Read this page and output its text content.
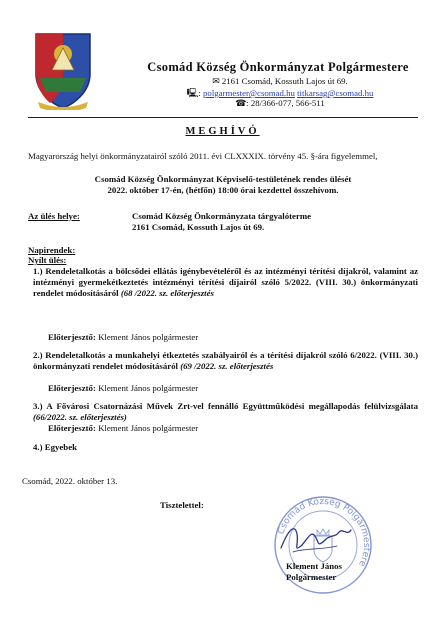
Csomád Község Önkormányzat Polgármestere
✉ 2161 Csomád, Kossuth Lajos út 69.
🖳: polgarmester@csomad.hu titkarsag@csomad.hu
☎: 28/366-077, 566-511
MEGHÍVÓ
Magyarország helyi önkormányzatairól szóló 2011. évi CLXXXIX. törvény 45. §-ára figyelemmel,
Csomád Község Önkormányzat Képviselő-testületének rendes ülését
2022. október 17-én, (hétfőn) 18:00 órai kezdettel összehívom.
Az ülés helye:	Csomád Község Önkormányzata tárgyalóterme
2161 Csomád, Kossuth Lajos út 69.
Napirendek:
Nyílt ülés:
1.) Rendeletalkotás a bölcsődei ellátás igénybevételéről és az intézményi térítési díjakról, valamint az intézményi gyermekétkeztetés intézményi térítési díjairól szóló 5/2022. (VIII. 30.) önkormányzati rendelet módosításáról (68 /2022. sz. előterjesztés
Előterjesztő: Klement János polgármester
2.) Rendeletalkotás a munkahelyi étkeztetés szabályairól és a térítési díjakról szóló 6/2022. (VIII. 30.) önkormányzati rendelet módosításáról (69 /2022. sz. előterjesztés
Előterjesztő: Klement János polgármester
3.) A Fővárosi Csatornázási Művek Zrt-vel fennálló Együttműködési megállapodás felülvizsgálata (66/2022. sz. előterjesztés)
Előterjesztő: Klement János polgármester
4.) Egyebek
Csomád, 2022. október 13.
Tisztelettel:
Csomád Község Polgármestere
Klement János
Polgármester
